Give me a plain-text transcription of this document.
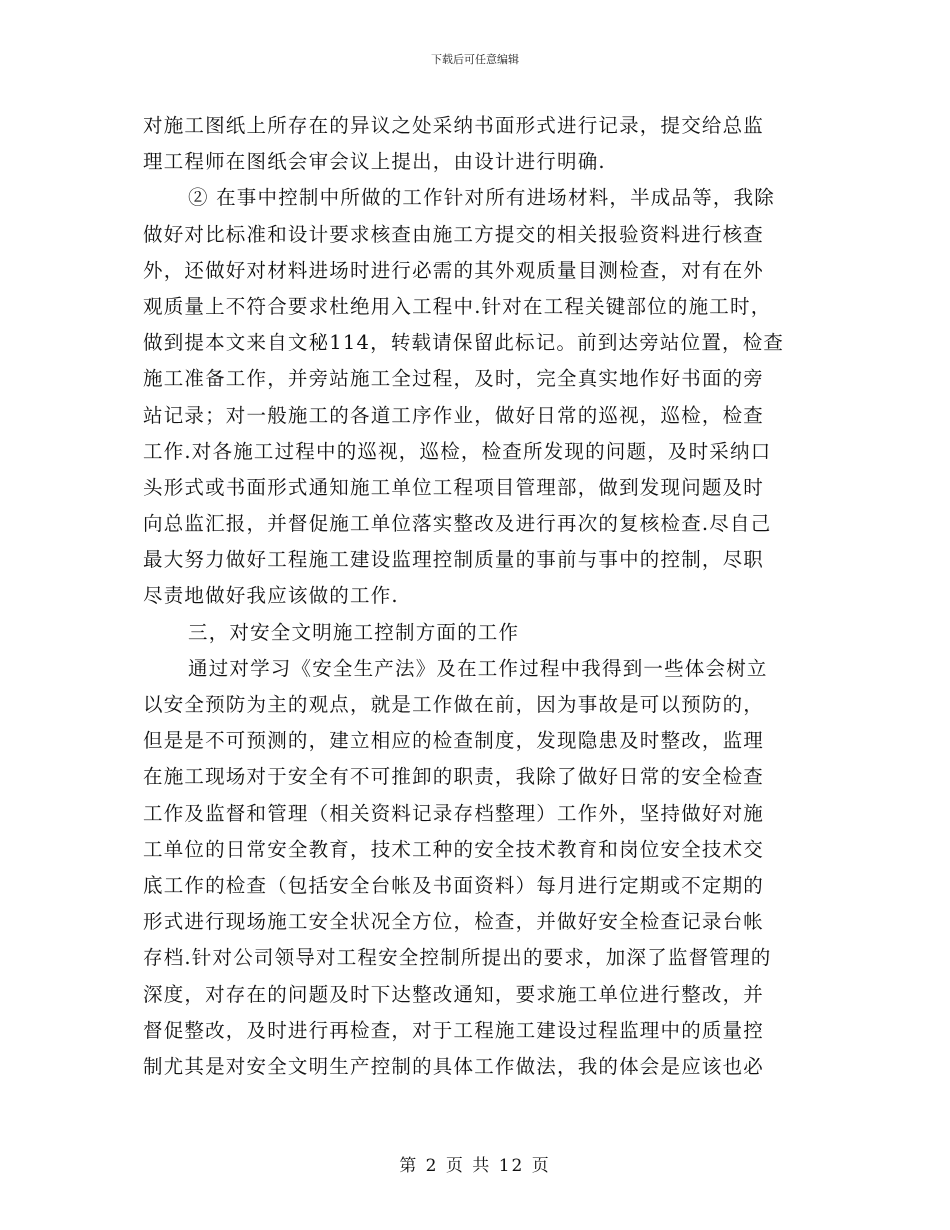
下载后可任意编辑
对施工图纸上所存在的异议之处采纳书面形式进行记录，提交给总监
理工程师在图纸会审会议上提出，由设计进行明确.
② 在事中控制中所做的工作针对所有进场材料，半成品等，我除
做好对比标准和设计要求核查由施工方提交的相关报验资料进行核查
外，还做好对材料进场时进行必需的其外观质量目测检查，对有在外
观质量上不符合要求杜绝用入工程中.针对在工程关键部位的施工时，
做到提本文来自文秘114，转载请保留此标记。前到达旁站位置，检查
施工准备工作，并旁站施工全过程，及时，完全真实地作好书面的旁
站记录；对一般施工的各道工序作业，做好日常的巡视，巡检，检查
工作.对各施工过程中的巡视，巡检，检查所发现的问题，及时采纳口
头形式或书面形式通知施工单位工程项目管理部，做到发现问题及时
向总监汇报，并督促施工单位落实整改及进行再次的复核检查.尽自己
最大努力做好工程施工建设监理控制质量的事前与事中的控制，尽职
尽责地做好我应该做的工作.
三，对安全文明施工控制方面的工作
通过对学习《安全生产法》及在工作过程中我得到一些体会树立
以安全预防为主的观点，就是工作做在前，因为事故是可以预防的，
但是是不可预测的，建立相应的检查制度，发现隐患及时整改，监理
在施工现场对于安全有不可推卸的职责，我除了做好日常的安全检查
工作及监督和管理（相关资料记录存档整理）工作外，坚持做好对施
工单位的日常安全教育，技术工种的安全技术教育和岗位安全技术交
底工作的检查（包括安全台帐及书面资料）每月进行定期或不定期的
形式进行现场施工安全状况全方位，检查，并做好安全检查记录台帐
存档.针对公司领导对工程安全控制所提出的要求，加深了监督管理的
深度，对存在的问题及时下达整改通知，要求施工单位进行整改，并
督促整改，及时进行再检查，对于工程施工建设过程监理中的质量控
制尤其是对安全文明生产控制的具体工作做法，我的体会是应该也必
第 2 页 共 12 页
